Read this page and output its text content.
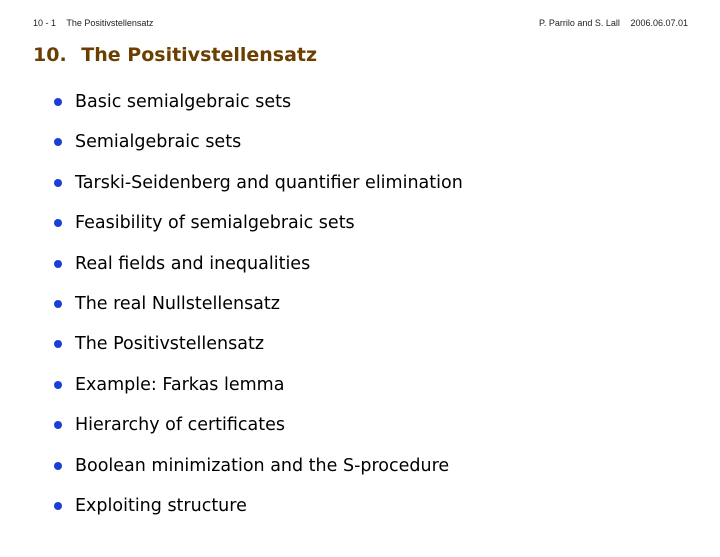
10 - 1 The Positivstellensatz	P. Parrilo and S. Lall 2006.06.07.01
10. The Positivstellensatz
Basic semialgebraic sets
Semialgebraic sets
Tarski-Seidenberg and quantifier elimination
Feasibility of semialgebraic sets
Real fields and inequalities
The real Nullstellensatz
The Positivstellensatz
Example: Farkas lemma
Hierarchy of certificates
Boolean minimization and the S-procedure
Exploiting structure
